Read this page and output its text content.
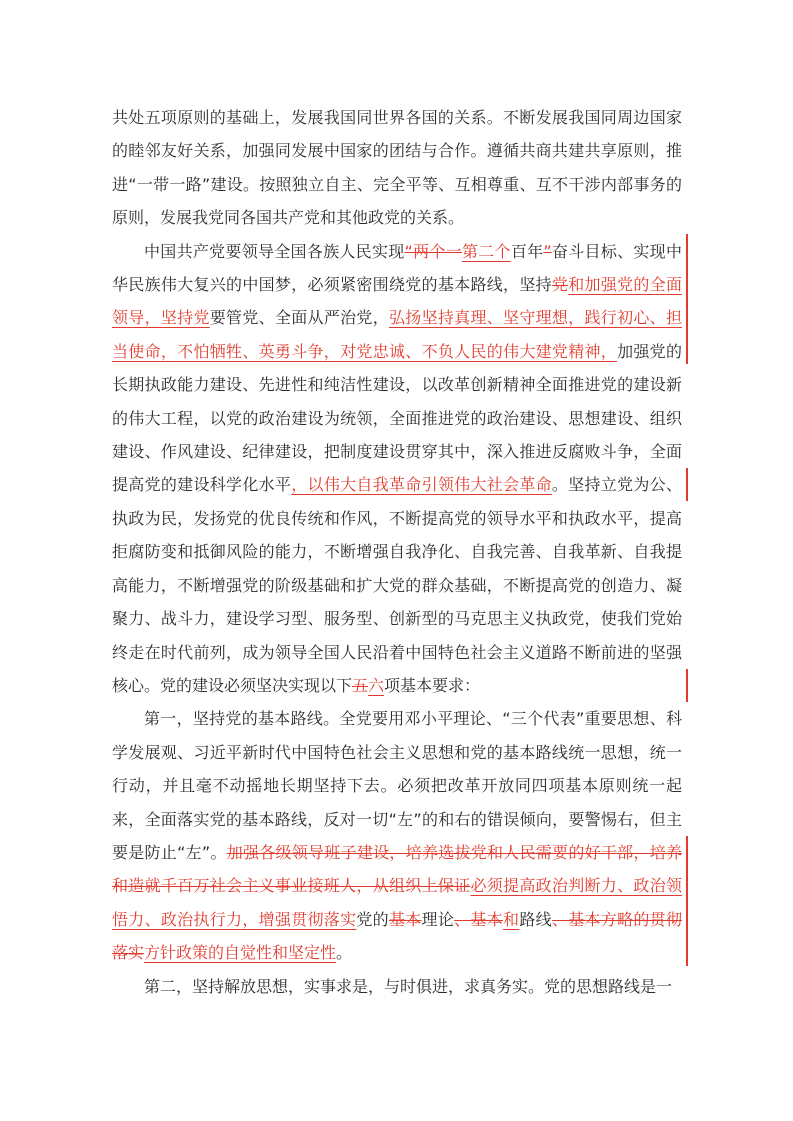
共处五项原则的基础上，发展我国同世界各国的关系。不断发展我国同周边国家的睦邻友好关系，加强同发展中国家的团结与合作。遵循共商共建共享原则，推进“一带一路”建设。按照独立自主、完全平等、互相尊重、互不干涉内部事务的原则，发展我党同各国共产党和其他政党的关系。

中国共产党要领导全国各族人民实现“两个一第二个百年”奋斗目标、实现中华民族伟大复兴的中国梦，必须紧密围绕党的基本路线，坚持党和加强党的全面领导，坚持党要管党、全面从严治党，弘扬坚持真理、坚守理想，践行初心、担当使命，不怕牺牲、英勇斗争，对党忠诚、不负人民的伟大建党精神，加强党的长期执政能力建设、先进性和纯洁性建设，以改革创新精神全面推进党的建设新的伟大工程，以党的政治建设为统领，全面推进党的政治建设、思想建设、组织建设、作风建设、纪律建设，把制度建设贯穿其中，深入推进反腐败斗争，全面提高党的建设科学化水平，以伟大自我革命引领伟大社会革命。坚持立党为公、执政为民，发扬党的优良传统和作风，不断提高党的领导水平和执政水平，提高拒腐防变和抵御风险的能力，不断增强自我净化、自我完善、自我革新、自我提高能力，不断增强党的阶级基础和扩大党的群众基础，不断提高党的创造力、凝聚力、战斗力，建设学习型、服务型、创新型的马克思主义执政党，使我们党始终走在时代前列，成为领导全国人民沿着中国特色社会主义道路不断前进的坚强核心。党的建设必须坚决实现以下五六项基本要求：

第一，坚持党的基本路线。全党要用邓小平理论、“三个代表”重要思想、科学发展观、习近平新时代中国特色社会主义思想和党的基本路线统一思想，统一行动，并且毫不动摇地长期坚持下去。必须把改革开放同四项基本原则统一起来，全面落实党的基本路线，反对一切“左”的和右的错误倾向，要警惕右，但主要是防止“左”。加强各级领导班子建设，培养选拔党和人民需要的好干部，培养和造就千百万社会主义事业接班人，从组织上保证必须提高政治判断力、政治领悟力、政治执行力，增强贯彻落实党的基本理论、基本和路线、基本方略的贯彻落实方针政策的自觉性和坚定性。

第二，坚持解放思想，实事求是，与时俱进，求真务实。党的思想路线是一
